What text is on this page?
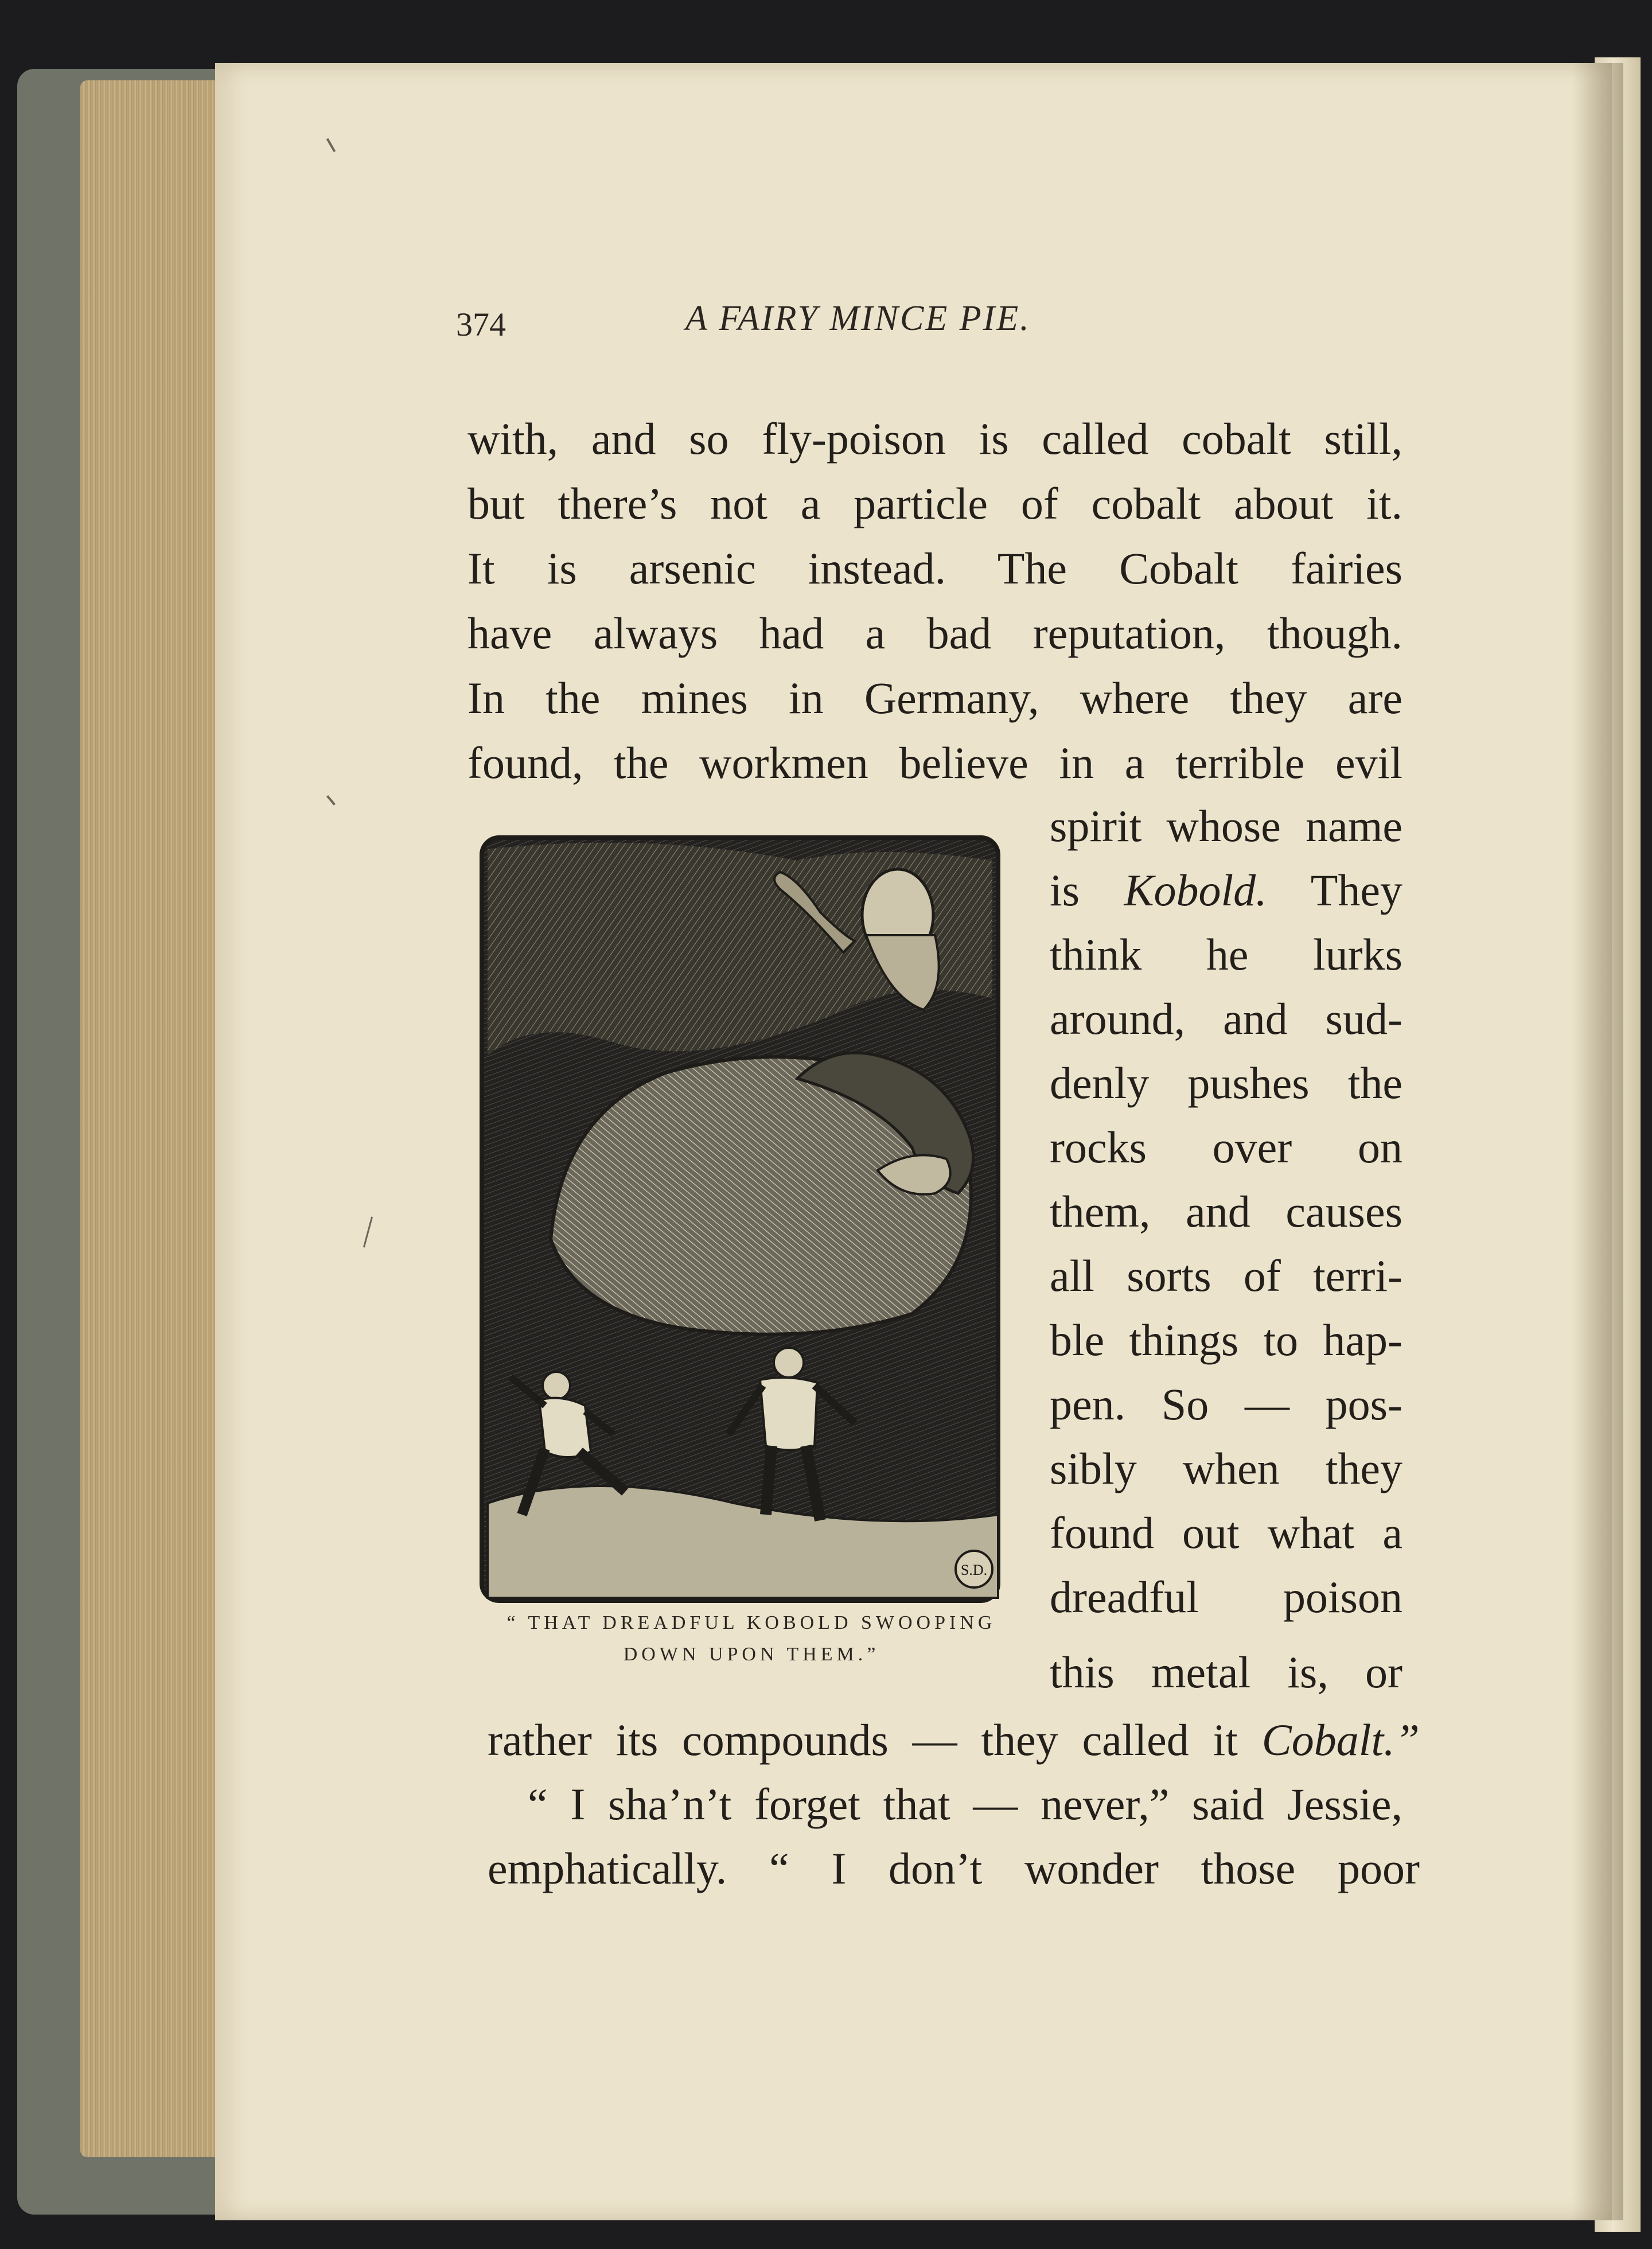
374	A FAIRY MINCE PIE.
with, and so fly-poison is called cobalt still,
but there’s not a particle of cobalt about it.
It is arsenic instead. The Cobalt fairies
have always had a bad reputation, though.
In the mines in Germany, where they are
found, the workmen believe in a terrible evil
spirit whose name
is Kobold. They
think he lurks
around, and sud-
denly pushes the
rocks over on
them, and causes
all sorts of terri-
ble things to hap-
pen. So — pos-
sibly when they
found out what a
dreadful poison
this metal is, or
S.D.
“ THAT DREADFUL KOBOLD SWOOPING
DOWN UPON THEM.”
rather its compounds — they called it Cobalt.”
“ I sha’n’t forget that — never,” said Jessie,
emphatically. “ I don’t wonder those poor
